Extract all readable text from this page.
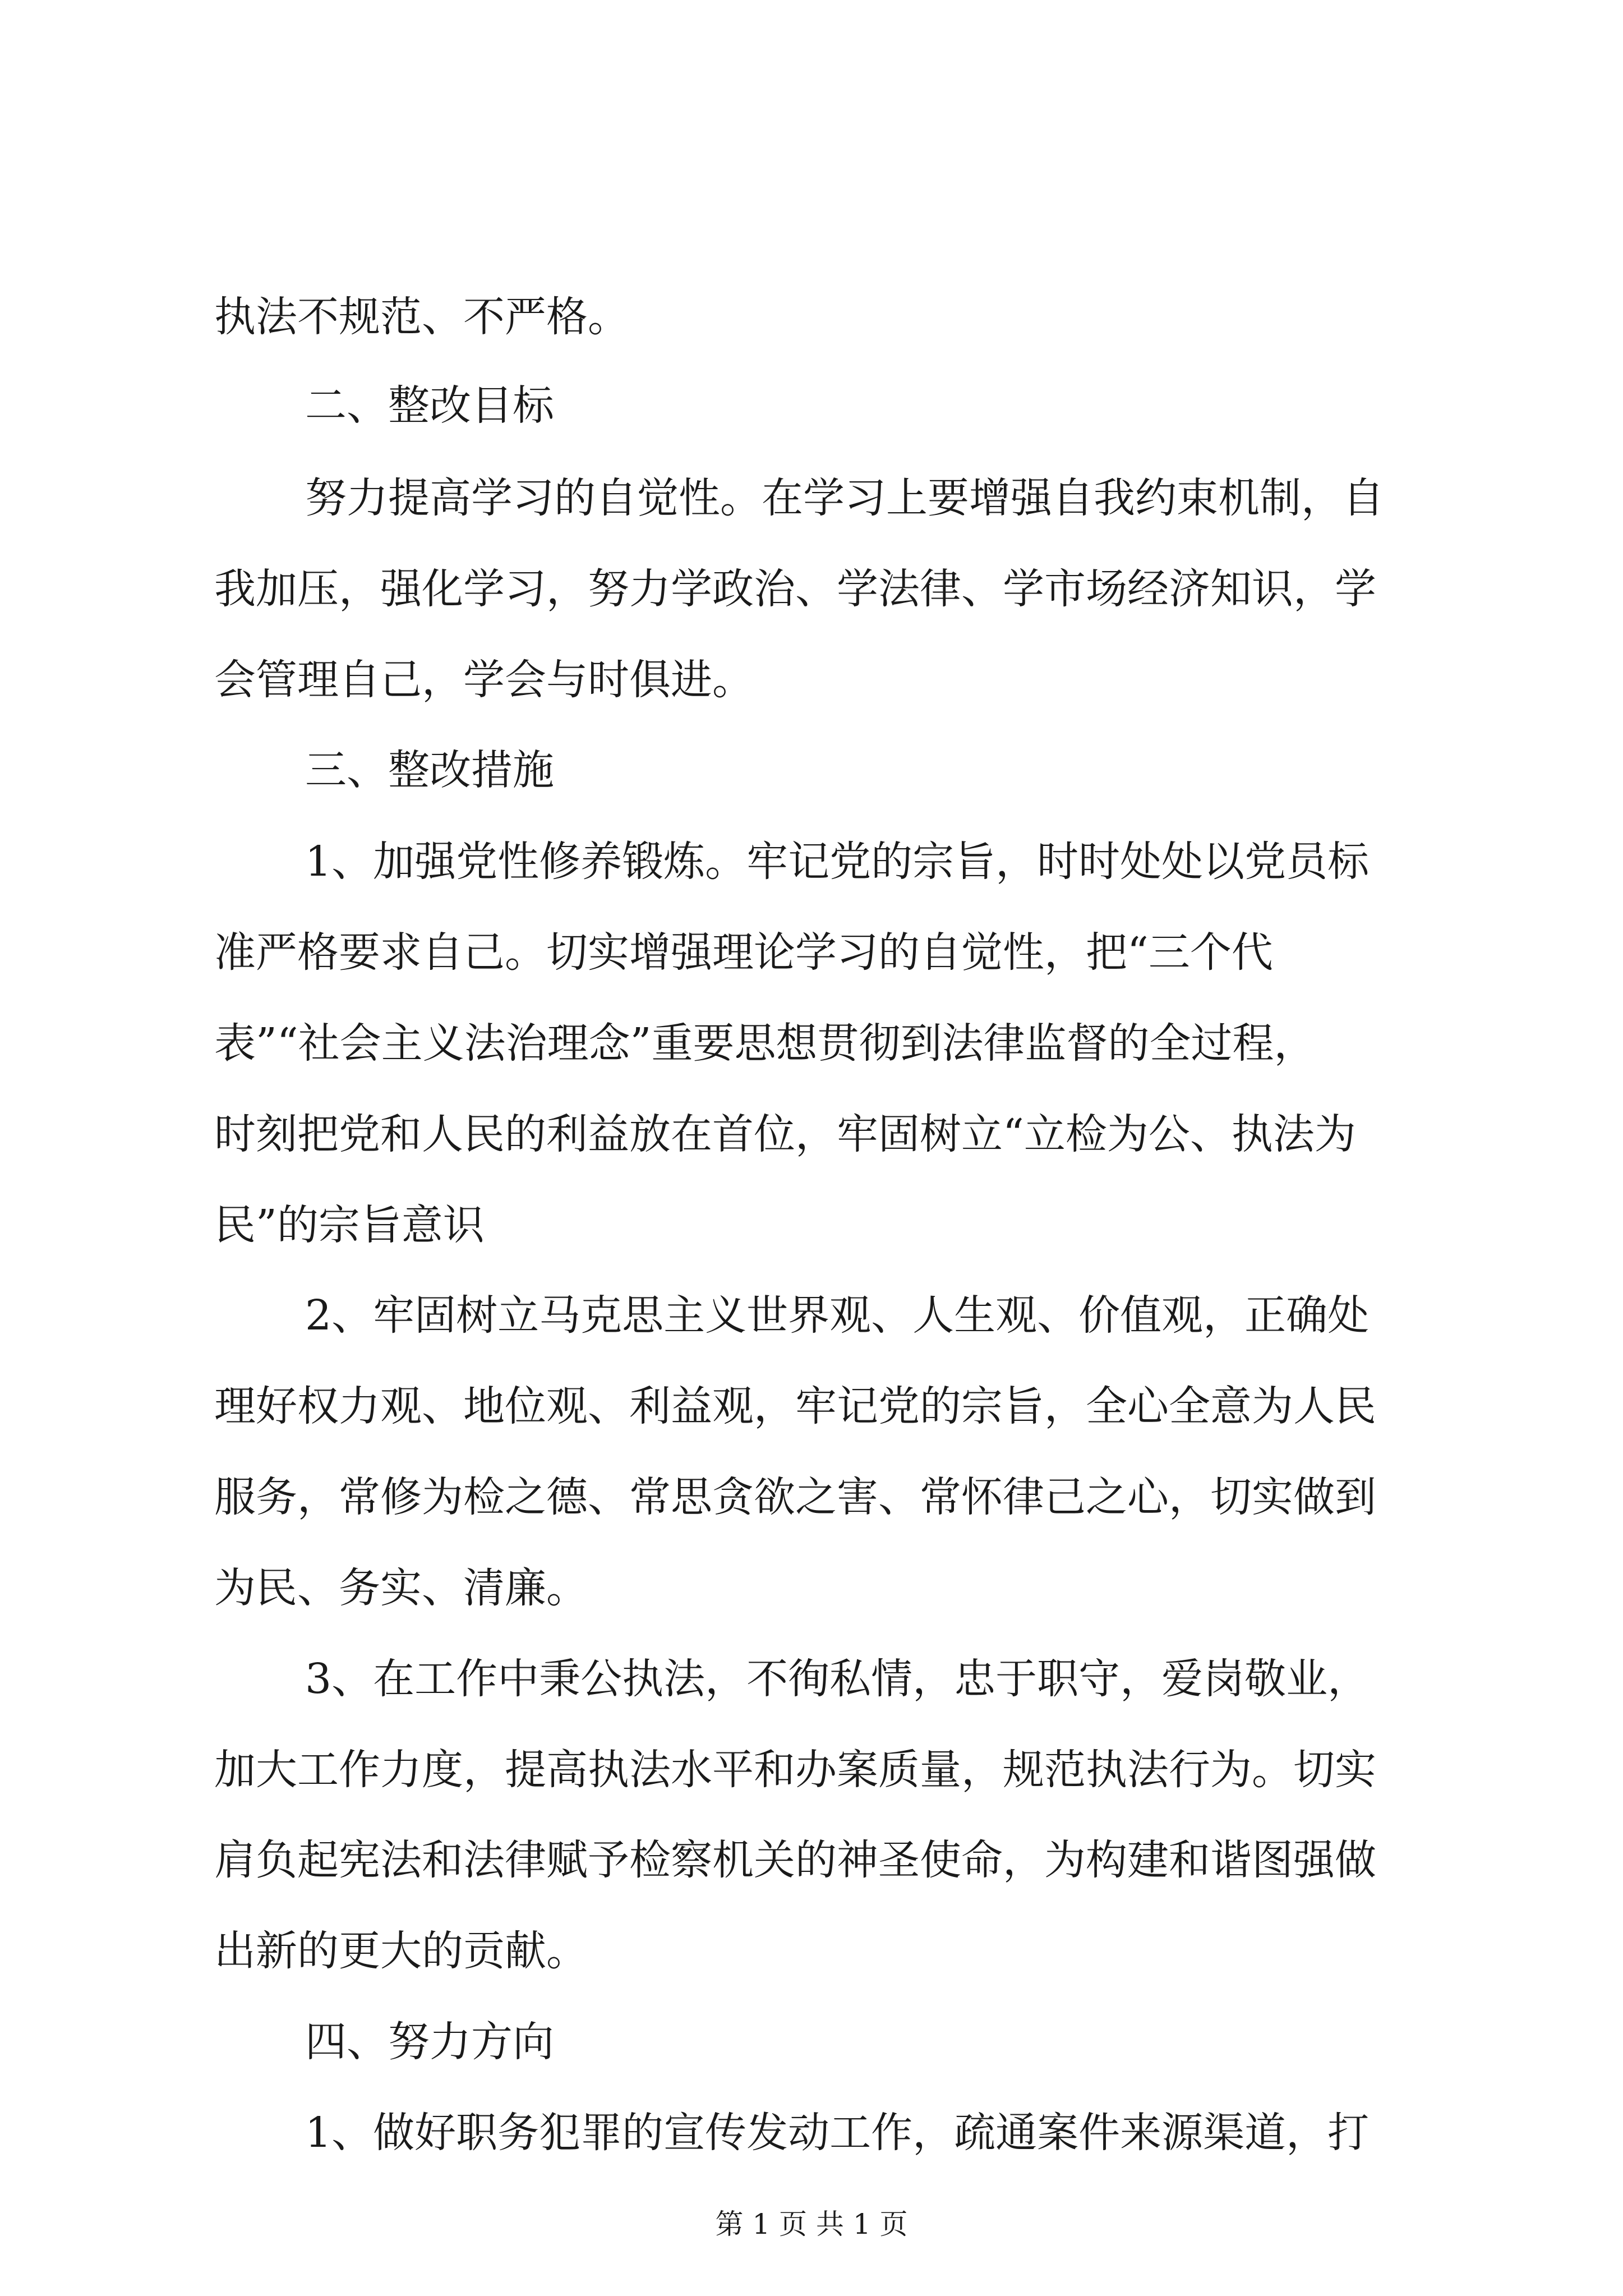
执法不规范、不严格。
二、整改目标
努力提高学习的自觉性。在学习上要增强自我约束机制，自
我加压，强化学习，努力学政治、学法律、学市场经济知识，学
会管理自己，学会与时俱进。
三、整改措施
1、加强党性修养锻炼。牢记党的宗旨，时时处处以党员标
准严格要求自己。切实增强理论学习的自觉性，把“三个代
表”“社会主义法治理念”重要思想贯彻到法律监督的全过程，
时刻把党和人民的利益放在首位，牢固树立“立检为公、执法为
民”的宗旨意识
2、牢固树立马克思主义世界观、人生观、价值观，正确处
理好权力观、地位观、利益观，牢记党的宗旨，全心全意为人民
服务，常修为检之德、常思贪欲之害、常怀律己之心，切实做到
为民、务实、清廉。
3、在工作中秉公执法，不徇私情，忠于职守，爱岗敬业，
加大工作力度，提高执法水平和办案质量，规范执法行为。切实
肩负起宪法和法律赋予检察机关的神圣使命，为构建和谐图强做
出新的更大的贡献。
四、努力方向
1、做好职务犯罪的宣传发动工作，疏通案件来源渠道，打
第 1 页 共 1 页
